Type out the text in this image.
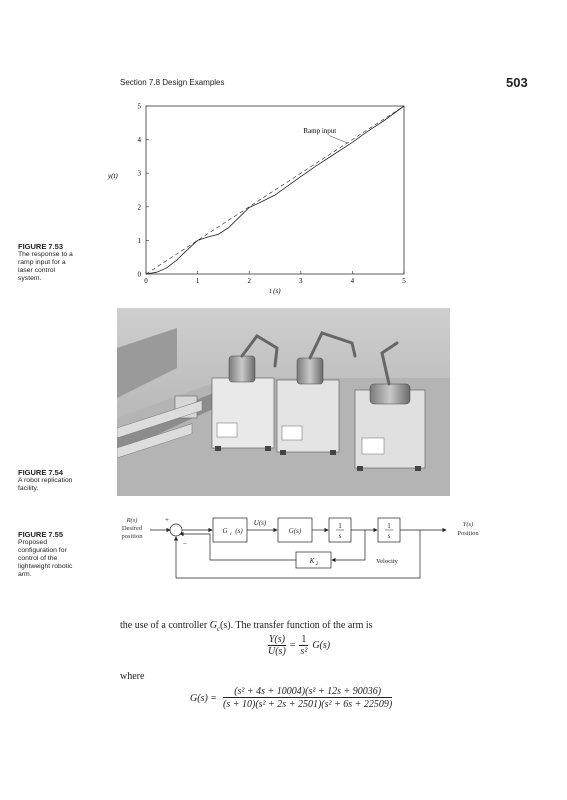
Section 7.8 Design Examples	503
FIGURE 7.53
The response to a
ramp input for a
laser control
system.	0	1	2	3	4	5
0
1
2
3
4
5
Ramp input
y(t)
t (s)
FIGURE 7.54
A robot replication
facility.
FIGURE 7.55
Proposed
configuration for
control of the
lightweight robotic
arm.
R(s)
Desired
position
Y(s)
Position
+
−
U(s)
G c (s)	G(s)
1
s
1
s
K 2	Velocity
the use of a controller $G_c(s)$. The transfer function of the arm is
$\frac{Y(s)}{U(s)} = \frac{1}{\text{s²}} G(s)$
where
$G(s) = \frac{\text{(s² + 4s + 10004)(s² + 12s + 90036)}}{\text{(s + 10)(s² + 2s + 2501)(s² + 6s + 22509)}}$
